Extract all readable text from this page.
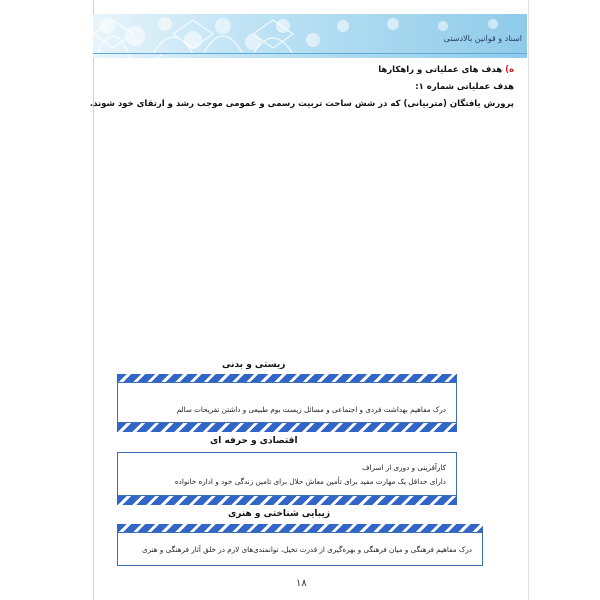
اسناد و قوانین بالادستی
ه) هدف های عملیاتی و راهکارها
هدف عملیاتی شماره ۱:
پرورش یافتگان (متربیانی) که در شش ساحت تربیت رسمی و عمومی موجب رشد و ارتقای خود شوند.
زیستی و بدنی
درک مفاهیم بهداشت فردی و اجتماعی و مسائل زیست بوم طبیعی و داشتن تفریحات سالم
اقتصادی و حرفه ای
کارآفرینی و دوری از اسراف
دارای حداقل یک مهارت مفید برای تأمین معاش حلال برای تامین زندگی خود و اداره خانواده
زیبایی شناختی و هنری
درک مفاهیم فرهنگی و میان فرهنگی و بهره‌گیری از قدرت تخیل، توانمندی‌های لازم در خلق آثار فرهنگی و هنری
۱۸
